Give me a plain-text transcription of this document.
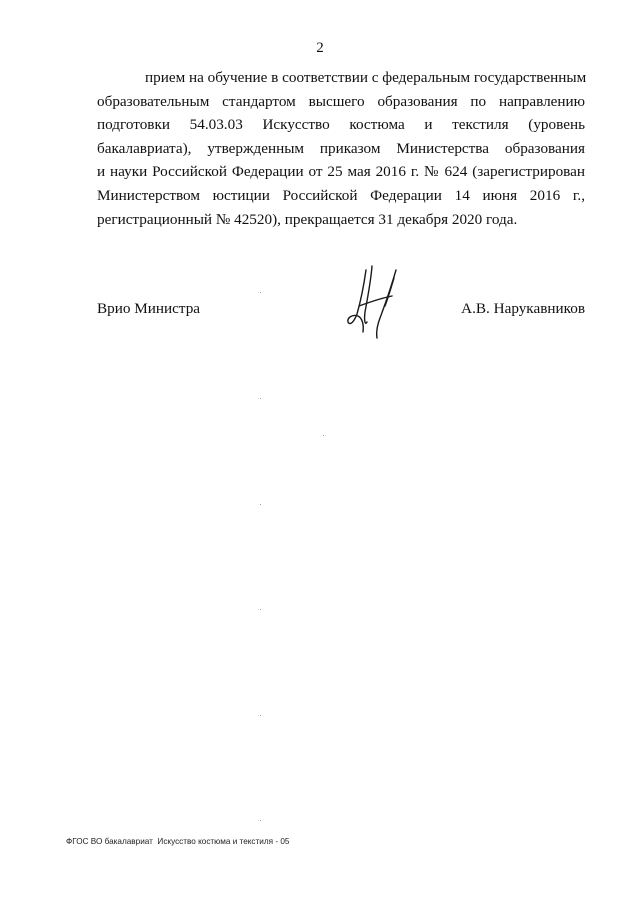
2
прием на обучение в соответствии с федеральным государственным
образовательным стандартом высшего образования по направлению
подготовки 54.03.03 Искусство костюма и текстиля (уровень
бакалавриата), утвержденным приказом Министерства образования
и науки Российской Федерации от 25 мая 2016 г. № 624 (зарегистрирован
Министерством юстиции Российской Федерации 14 июня 2016 г.,
регистрационный № 42520), прекращается 31 декабря 2020 года.
Врио Министра	А.В. Нарукавников
ФГОС ВО бакалавриат  Искусство костюма и текстиля - 05
